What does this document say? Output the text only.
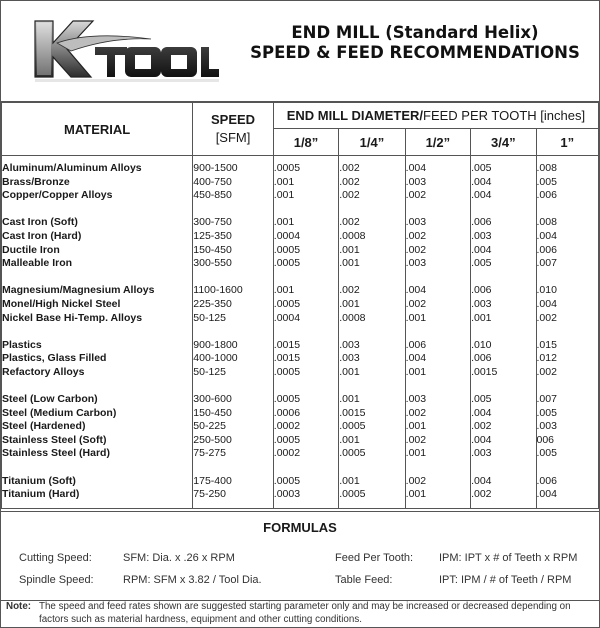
END MILL (Standard Helix)
SPEED & FEED RECOMMENDATIONS
MATERIAL	SPEED
[SFM]	END MILL DIAMETER/FEED PER TOOTH [inches]				
		1/8”	1/4”	1/2”	3/4”	1”

Aluminum/Aluminum Alloys	900-1500	.0005	.002	.004	.005	.008
Brass/Bronze	400-750	.001	.002	.003	.004	.005
Copper/Copper Alloys	450-850	.001	.002	.002	.004	.006

Cast Iron (Soft)	300-750	.001	.002	.003	.006	.008
Cast Iron (Hard)	125-350	.0004	.0008	.002	.003	.004
Ductile Iron	150-450	.0005	.001	.002	.004	.006
Malleable Iron	300-550	.0005	.001	.003	.005	.007

Magnesium/Magnesium Alloys	1100-1600	.001	.002	.004	.006	.010
Monel/High Nickel Steel	225-350	.0005	.001	.002	.003	.004
Nickel Base Hi-Temp. Alloys	50-125	.0004	.0008	.001	.001	.002

Plastics	900-1800	.0015	.003	.006	.010	.015
Plastics, Glass Filled	400-1000	.0015	.003	.004	.006	.012
Refactory Alloys	50-125	.0005	.001	.001	.0015	.002

Steel (Low Carbon)	300-600	.0005	.001	.003	.005	.007
Steel (Medium Carbon)	150-450	.0006	.0015	.002	.004	.005
Steel (Hardened)	50-225	.0002	.0005	.001	.002	.003
Stainless Steel (Soft)	250-500	.0005	.001	.002	.004	006
Stainless Steel (Hard)	75-275	.0002	.0005	.001	.003	.005

Titanium (Soft)	175-400	.0005	.001	.002	.004	.006
Titanium (Hard)	75-250	.0003	.0005	.001	.002	.004

FORMULAS
Cutting Speed:	SFM: Dia. x .26 x RPM
Spindle Speed:	RPM: SFM x 3.82 / Tool Dia.
Feed Per Tooth: IPM: IPT x # of Teeth x RPM
Table Feed:	IPT: IPM / # of Teeth / RPM
Note: The speed and feed rates shown are suggested starting parameter only and may be increased or decreased depending on factors such as material hardness, equipment and other cutting conditions.
